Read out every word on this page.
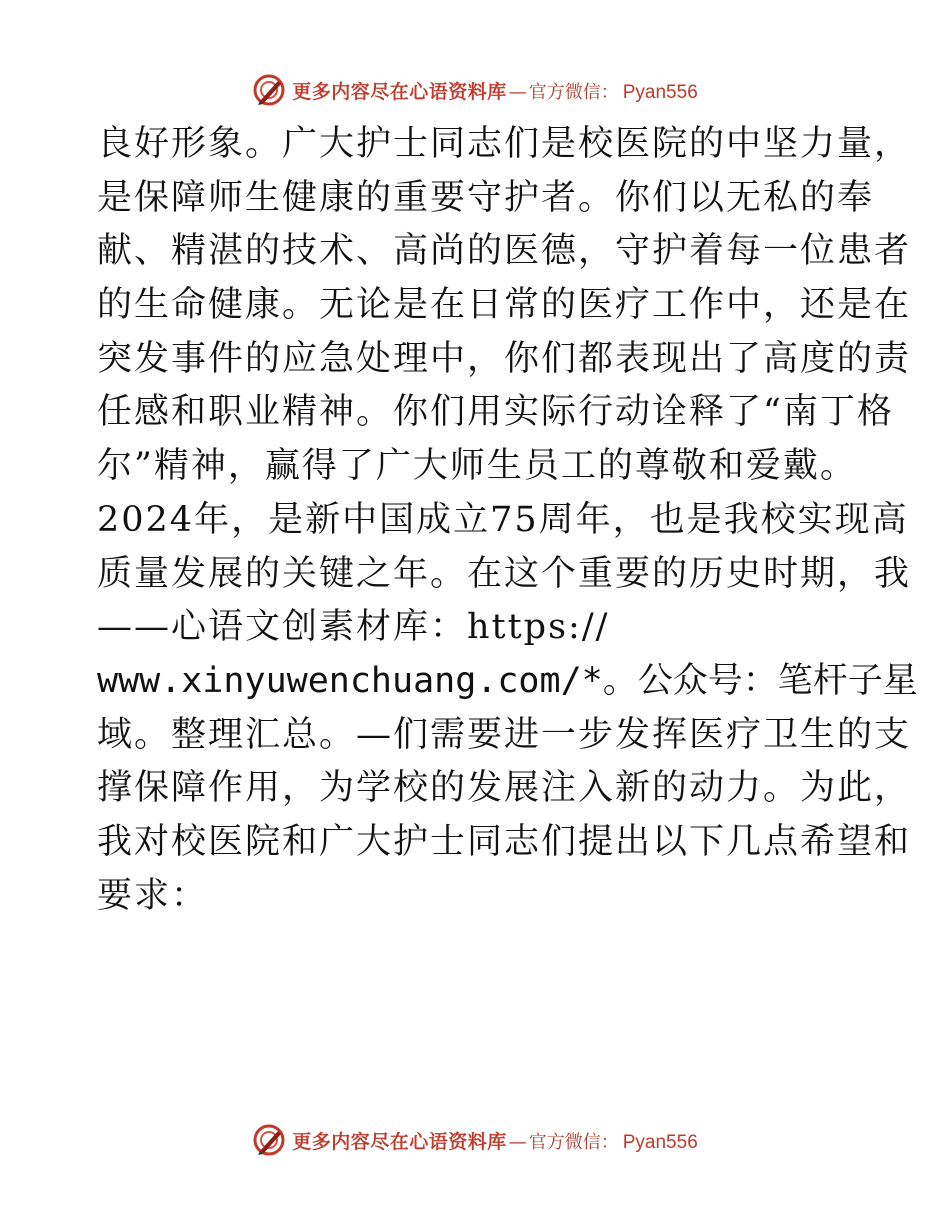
更多内容尽在心语资料库 — 官方微信： Pyan556
良好形象。广大护士同志们是校医院的中坚力量，
是保障师生健康的重要守护者。你们以无私的奉
献、精湛的技术、高尚的医德，守护着每一位患者
的生命健康。无论是在日常的医疗工作中，还是在
突发事件的应急处理中，你们都表现出了高度的责
任感和职业精神。你们用实际行动诠释了“南丁格
尔”精神，赢得了广大师生员工的尊敬和爱戴。
2024年，是新中国成立75周年，也是我校实现高
质量发展的关键之年。在这个重要的历史时期，我
——心语文创素材库：https://
www.xinyuwenchuang.com/*。公众号：笔杆子星
域。整理汇总。—们需要进一步发挥医疗卫生的支
撑保障作用，为学校的发展注入新的动力。为此，
我对校医院和广大护士同志们提出以下几点希望和
要求：
更多内容尽在心语资料库 — 官方微信： Pyan556
